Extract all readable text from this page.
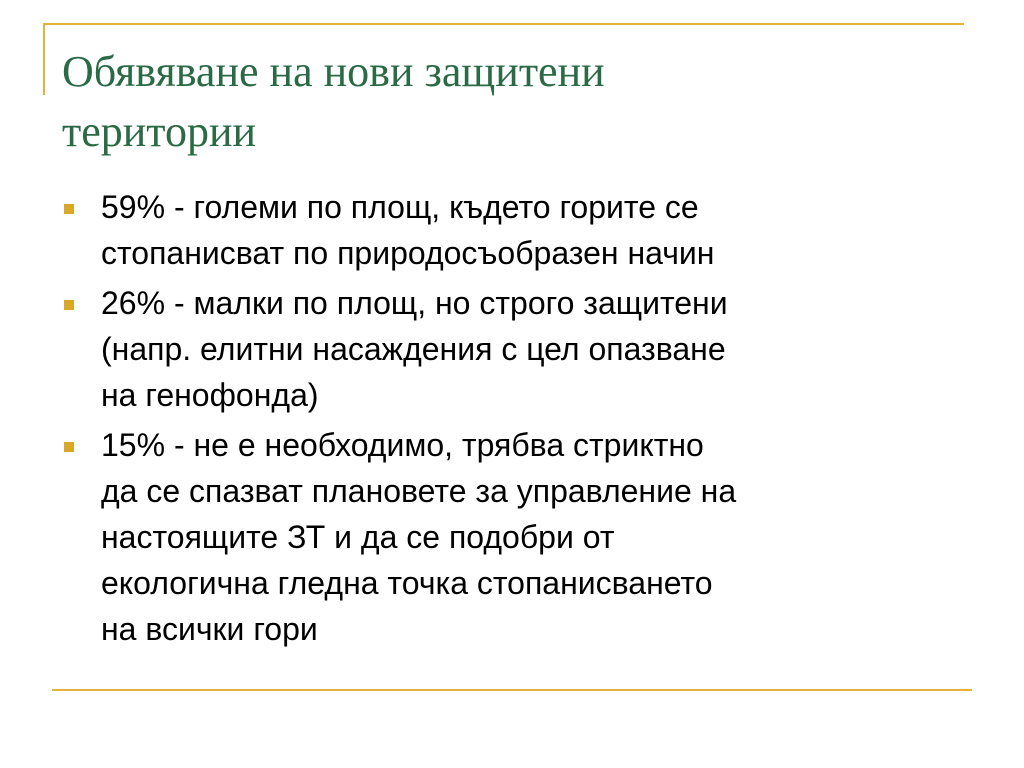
Обявяване на нови защитени
територии
59% - големи по площ, където горите се
стопанисват по природосъобразен начин
26% - малки по площ, но строго защитени
(напр. елитни насаждения с цел опазване
на генофонда)
15% - не е необходимо, трябва стриктно
да се спазват плановете за управление на
настоящите ЗТ и да се подобри от
екологична гледна точка стопанисването
на всички гори
